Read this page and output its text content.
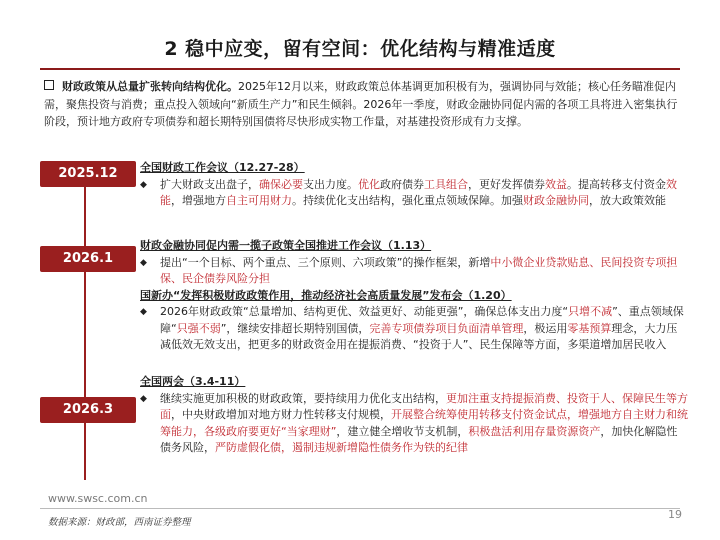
2 稳中应变，留有空间：优化结构与精准适度
财政政策从总量扩张转向结构优化。2025年12月以来，财政政策总体基调更加积极有为，强调协同与效能；核心任务瞄准促内需，聚焦投资与消费；重点投入领域向“新质生产力”和民生倾斜。2026年一季度，财政金融协同促内需的各项工具将进入密集执行阶段，预计地方政府专项债券和超长期特别国债将尽快形成实物工作量，对基建投资形成有力支撑。
2025.12
2026.1
2026.3
全国财政工作会议（12.27-28）
◆	扩大财政支出盘子，确保必要支出力度。优化政府债券工具组合，更好发挥债券效益。提高转移支付资金效能，增强地方自主可用财力。持续优化支出结构，强化重点领域保障。加强财政金融协同，放大政策效能
财政金融协同促内需一揽子政策全国推进工作会议（1.13）
◆	提出“一个目标、两个重点、三个原则、六项政策”的操作框架，新增中小微企业贷款贴息、民间投资专项担保、民企债券风险分担
国新办“发挥积极财政政策作用，推动经济社会高质量发展”发布会（1.20）
◆	2026年财政政策“总量增加、结构更优、效益更好、动能更强”，确保总体支出力度“只增不减”、重点领域保障“只强不弱”，继续安排超长期特别国债，完善专项债券项目负面清单管理，极运用零基预算理念，大力压减低效无效支出，把更多的财政资金用在提振消费、“投资于人”、民生保障等方面，多渠道增加居民收入
全国两会（3.4-11）
◆	继续实施更加积极的财政政策，要持续用力优化支出结构，更加注重支持提振消费、投资于人、保障民生等方面，中央财政增加对地方财力性转移支付规模，开展整合统筹使用转移支付资金试点，增强地方自主财力和统筹能力，各级政府要更好“当家理财”，建立健全增收节支机制，积极盘活利用存量资源资产，加快化解隐性债务风险，严防虚假化债，遏制违规新增隐性债务作为铁的纪律
www.swsc.com.cn
数据来源：财政部，西南证券整理
19
